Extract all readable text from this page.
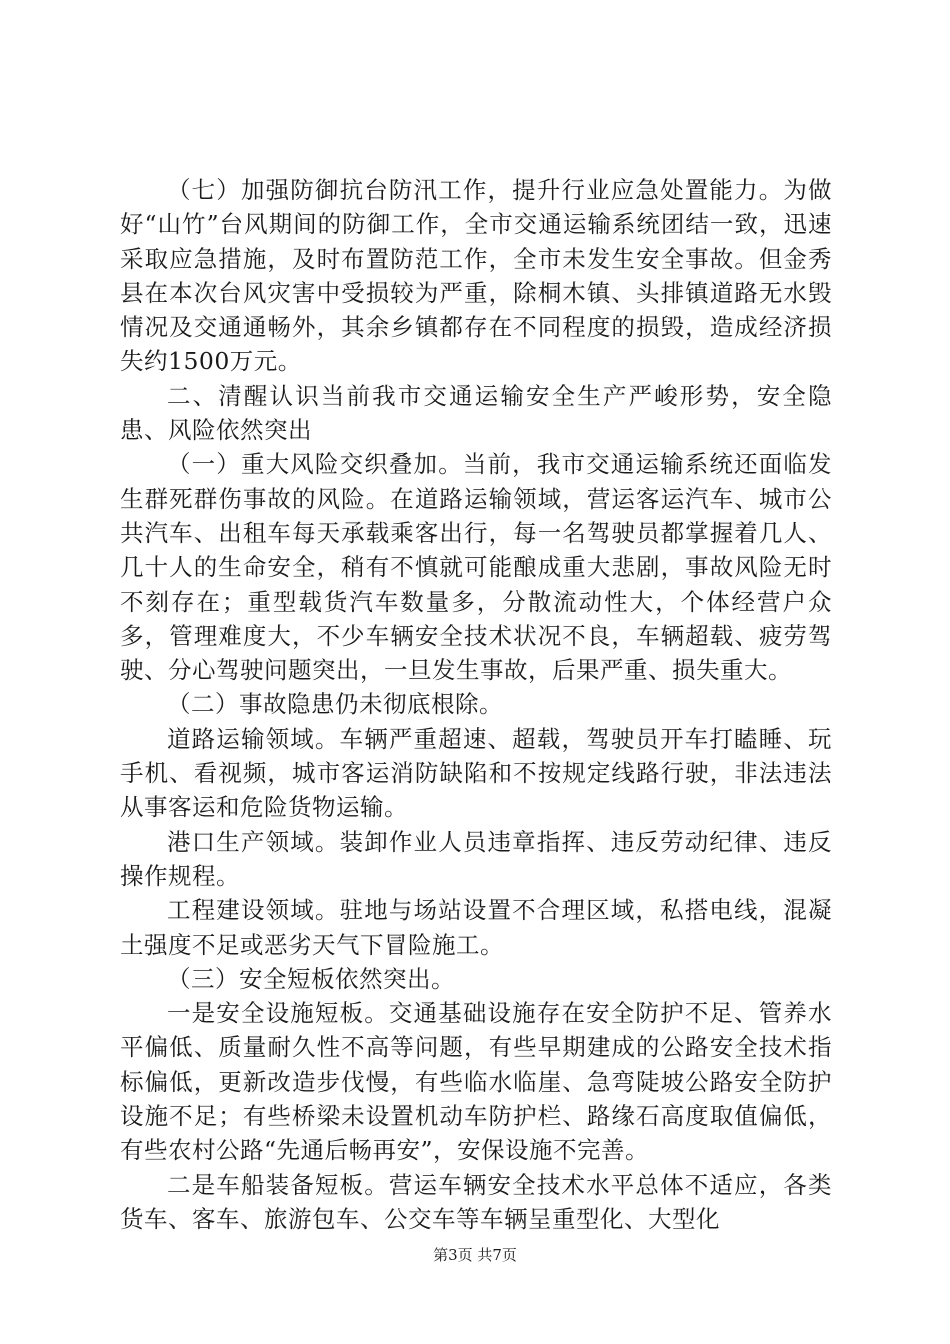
（七）加强防御抗台防汛工作，提升行业应急处置能力。为做好“山竹”台风期间的防御工作，全市交通运输系统团结一致，迅速采取应急措施，及时布置防范工作，全市未发生安全事故。但金秀县在本次台风灾害中受损较为严重，除桐木镇、头排镇道路无水毁情况及交通通畅外，其余乡镇都存在不同程度的损毁，造成经济损失约1500万元。

二、清醒认识当前我市交通运输安全生产严峻形势，安全隐患、风险依然突出

（一）重大风险交织叠加。当前，我市交通运输系统还面临发生群死群伤事故的风险。在道路运输领域，营运客运汽车、城市公共汽车、出租车每天承载乘客出行，每一名驾驶员都掌握着几人、几十人的生命安全，稍有不慎就可能酿成重大悲剧，事故风险无时不刻存在；重型载货汽车数量多，分散流动性大，个体经营户众多，管理难度大，不少车辆安全技术状况不良，车辆超载、疲劳驾驶、分心驾驶问题突出，一旦发生事故，后果严重、损失重大。

（二）事故隐患仍未彻底根除。

道路运输领域。车辆严重超速、超载，驾驶员开车打瞌睡、玩手机、看视频，城市客运消防缺陷和不按规定线路行驶，非法违法从事客运和危险货物运输。

港口生产领域。装卸作业人员违章指挥、违反劳动纪律、违反操作规程。

工程建设领域。驻地与场站设置不合理区域，私搭电线，混凝土强度不足或恶劣天气下冒险施工。

（三）安全短板依然突出。

一是安全设施短板。交通基础设施存在安全防护不足、管养水平偏低、质量耐久性不高等问题，有些早期建成的公路安全技术指标偏低，更新改造步伐慢，有些临水临崖、急弯陡坡公路安全防护设施不足；有些桥梁未设置机动车防护栏、路缘石高度取值偏低，有些农村公路“先通后畅再安”，安保设施不完善。

二是车船装备短板。营运车辆安全技术水平总体不适应，各类货车、客车、旅游包车、公交车等车辆呈重型化、大型化

第3页 共7页
